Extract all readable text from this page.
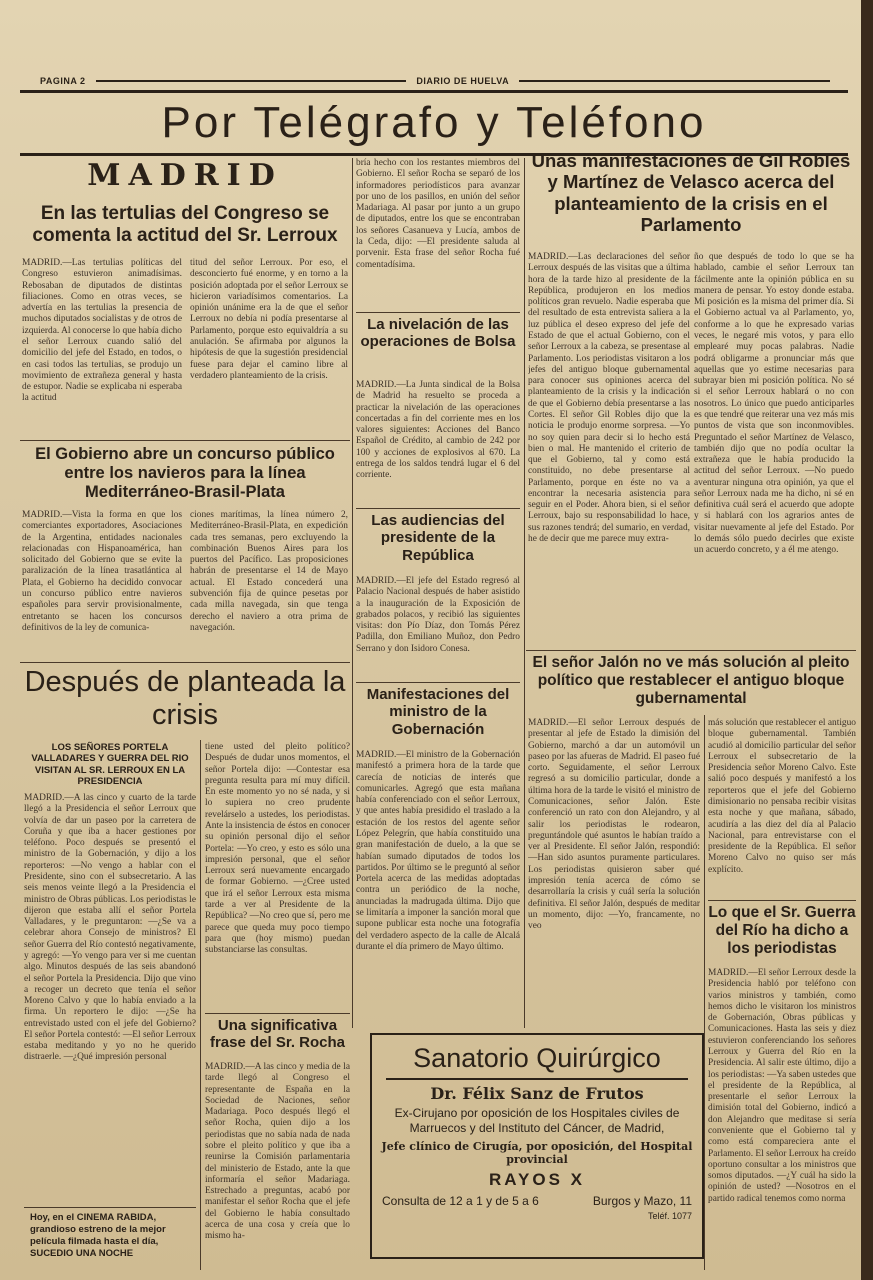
PAGINA 2	DIARIO DE HUELVA
Por Telégrafo y Teléfono
MADRID
En las tertulias del Congreso se comenta la actitud del Sr. Lerroux
MADRID.—Las tertulias políticas del Congreso estuvieron animadísimas. Rebosaban de diputados de distintas filiaciones. Como en otras veces, se advertía en las tertulias la presencia de muchos diputados socialistas y de otros de izquierda. Al conocerse lo que había dicho el señor Lerroux cuando salió del domicilio del jefe del Estado, en todos, o en casi todos las tertulias, se produjo un movimiento de extrañeza general y hasta de estupor. Nadie se explicaba ni esperaba la actitud
titud del señor Lerroux. Por eso, el desconcierto fué enorme, y en torno a la posición adoptada por el señor Lerroux se hicieron variadísimos comentarios. La opinión unánime era la de que el señor Lerroux no debía ni podía presentarse al Parlamento, porque esto equivaldría a su anulación. Se afirmaba por algunos la hipótesis de que la sugestión presidencial fuese para dejar el camino libre al verdadero planteamiento de la crisis.
El Gobierno abre un concurso público entre los navieros para la línea Mediterráneo-Brasil-Plata
MADRID.—Vista la forma en que los comerciantes exportadores, Asociaciones de la Argentina, entidades nacionales relacionadas con Hispanoamérica, han solicitado del Gobierno que se evite la paralización de la línea trasatlántica al Plata, el Gobierno ha decidido convocar un concurso público entre navieros españoles para servir provisionalmente, entretanto se hacen los concursos definitivos de la ley de comunica-
ciones marítimas, la línea número 2, Mediterráneo-Brasil-Plata, en expedición cada tres semanas, pero excluyendo la combinación Buenos Aires para los puertos del Pacífico. Las proposiciones habrán de presentarse el 14 de Mayo actual. El Estado concederá una subvención fija de quince pesetas por cada milla navegada, sin que tenga derecho el naviero a otra prima de navegación.
Después de planteada la crisis
LOS SEÑORES PORTELA VALLADARES Y GUERRA DEL RIO VISITAN AL SR. LERROUX EN LA PRESIDENCIA
MADRID.—A las cinco y cuarto de la tarde llegó a la Presidencia el señor Lerroux que volvía de dar un paseo por la carretera de Coruña y que iba a hacer gestiones por teléfono. Poco después se presentó el ministro de la Gobernación, y dijo a los reporteros: —No vengo a hablar con el Presidente, sino con el subsecretario. A las seis menos veinte llegó a la Presidencia el ministro de Obras públicas. Los periodistas le dijeron que estaba allí el señor Portela Valladares, y le preguntaron: —¿Se va a celebrar ahora Consejo de ministros? El señor Guerra del Río contestó negativamente, y agregó: —Yo vengo para ver si me cuentan algo. Minutos después de las seis abandonó el señor Portela la Presidencia. Dijo que vino a recoger un decreto que tenía el señor Moreno Calvo y que lo había enviado a la firma. Un reportero le dijo: —¿Se ha entrevistado usted con el jefe del Gobierno? El señor Portela contestó: —El señor Lerroux estaba meditando y yo no he querido distraerle. —¿Qué impresión personal
tiene usted del pleito político? Después de dudar unos momentos, el señor Portela dijo: —Contestar esa pregunta resulta para mí muy difícil. En este momento yo no sé nada, y si lo supiera no creo prudente revelárselo a ustedes, los periodistas. Ante la insistencia de éstos en conocer su opinión personal dijo el señor Portela: —Yo creo, y esto es sólo una impresión personal, que el señor Lerroux será nuevamente encargado de formar Gobierno. —¿Cree usted que irá el señor Lerroux esta misma tarde a ver al Presidente de la República? —No creo que sí, pero me parece que queda muy poco tiempo para que (hoy mismo) puedan substanciarse las consultas.
Hoy, en el CINEMA RABIDA, grandioso estreno de la mejor película filmada hasta el día, SUCEDIO UNA NOCHE
Una significativa frase del Sr. Rocha
MADRID.—A las cinco y media de la tarde llegó al Congreso el representante de España en la Sociedad de Naciones, señor Madariaga. Poco después llegó el señor Rocha, quien dijo a los periodistas que no sabía nada de nada sobre el pleito político y que iba a reunirse la Comisión parlamentaria del ministerio de Estado, ante la que informaría el señor Madariaga. Estrechado a preguntas, acabó por manifestar el señor Rocha que el jefe del Gobierno le había consultado acerca de una cosa y creía que lo mismo ha-
bría hecho con los restantes miembros del Gobierno. El señor Rocha se separó de los informadores periodísticos para avanzar por uno de los pasillos, en unión del señor Madariaga. Al pasar por junto a un grupo de diputados, entre los que se encontraban los señores Casanueva y Lucía, ambos de la Ceda, dijo: —El presidente saluda al porvenir. Esta frase del señor Rocha fué comentadísima.
La nivelación de las operaciones de Bolsa
MADRID.—La Junta sindical de la Bolsa de Madrid ha resuelto se proceda a practicar la nivelación de las operaciones concertadas a fin del corriente mes en los valores siguientes: Acciones del Banco Español de Crédito, al cambio de 242 por 100 y acciones de explosivos al 670. La entrega de los saldos tendrá lugar el 6 del corriente.
Las audiencias del presidente de la República
MADRID.—El jefe del Estado regresó al Palacio Nacional después de haber asistido a la inauguración de la Exposición de grabados polacos, y recibió las siguientes visitas: don Pío Díaz, don Tomás Pérez Padilla, don Emiliano Muñoz, don Pedro Serrano y don Isidoro Conesa.
Manifestaciones del ministro de la Gobernación
MADRID.—El ministro de la Gobernación manifestó a primera hora de la tarde que carecía de noticias de interés que comunicarles. Agregó que esta mañana había conferenciado con el señor Lerroux, y que antes había presidido el traslado a la estación de los restos del agente señor López Pelegrín, que había constituido una gran manifestación de duelo, a la que se habían sumado diputados de todos los partidos. Por último se le preguntó al señor Portela acerca de las medidas adoptadas contra un periódico de la noche, anunciadas la madrugada última. Dijo que se limitaría a imponer la sanción moral que supone publicar esta noche una fotografía del verdadero aspecto de la calle de Alcalá durante el día primero de Mayo último.
Unas manifestaciones de Gil Robles y Martínez de Velasco acerca del planteamiento de la crisis en el Parlamento
MADRID.—Las declaraciones del señor Lerroux después de las visitas que a última hora de la tarde hizo al presidente de la República, produjeron en los medios políticos gran revuelo. Nadie esperaba que del resultado de esta entrevista saliera a la luz pública el deseo expreso del jefe del Estado de que el actual Gobierno, con el señor Lerroux a la cabeza, se presentase al Parlamento. Los periodistas visitaron a los jefes del antiguo bloque gubernamental para conocer sus opiniones acerca del planteamiento de la crisis y la indicación de que el Gobierno debía presentarse a las Cortes. El señor Gil Robles dijo que la noticia le produjo enorme sorpresa. —Yo no soy quien para decir si lo hecho está bien o mal. He mantenido el criterio de que el Gobierno, tal y como está constituido, no debe presentarse al Parlamento, porque en éste no va a encontrar la necesaria asistencia para seguir en el Poder. Ahora bien, si el señor Lerroux, bajo su responsabilidad lo hace, sus razones tendrá; del sumario, en verdad, he de decir que me parece muy extra-
ño que después de todo lo que se ha hablado, cambie el señor Lerroux tan fácilmente ante la opinión pública en su manera de pensar. Yo estoy donde estaba. Mi posición es la misma del primer día. Si el Gobierno actual va al Parlamento, yo, conforme a lo que he expresado varias veces, le negaré mis votos, y para ello emplearé muy pocas palabras. Nadie podrá obligarme a pronunciar más que aquellas que yo estime necesarias para subrayar bien mi posición política. No sé si el señor Lerroux hablará o no con nosotros. Lo único que puedo anticiparles es que tendré que reiterar una vez más mis puntos de vista que son inconmovibles. Preguntado el señor Martínez de Velasco, también dijo que no podía ocultar la extrañeza que le había producido la actitud del señor Lerroux. —No puedo aventurar ninguna otra opinión, ya que el señor Lerroux nada me ha dicho, ni sé en definitiva cuál será el acuerdo que adopte y si hablará con los agrarios antes de visitar nuevamente al jefe del Estado. Por lo demás sólo puedo decirles que existe un acuerdo concreto, y a él me atengo.
El señor Jalón no ve más solución al pleito político que restablecer el antiguo bloque gubernamental
MADRID.—El señor Lerroux después de presentar al jefe de Estado la dimisión del Gobierno, marchó a dar un automóvil un paseo por las afueras de Madrid. El paseo fué corto. Seguidamente, el señor Lerroux regresó a su domicilio particular, donde a última hora de la tarde le visitó el ministro de Comunicaciones, señor Jalón. Este conferenció un rato con don Alejandro, y al salir los periodistas le rodearon, preguntándole qué asuntos le habían traído a ver al Presidente. El señor Jalón, respondió: —Han sido asuntos puramente particulares. Los periodistas quisieron saber qué impresión tenía acerca de cómo se desarrollaría la crisis y cuál sería la solución definitiva. El señor Jalón, después de meditar un momento, dijo: —Yo, francamente, no veo
más solución que restablecer el antiguo bloque gubernamental. También acudió al domicilio particular del señor Lerroux el subsecretario de la Presidencia señor Moreno Calvo. Este salió poco después y manifestó a los reporteros que el jefe del Gobierno dimisionario no pensaba recibir visitas esta noche y que mañana, sábado, acudiría a las diez del día al Palacio Nacional, para entrevistarse con el presidente de la República. El señor Moreno Calvo no quiso ser más explícito.
Lo que el Sr. Guerra del Río ha dicho a los periodistas
MADRID.—El señor Lerroux desde la Presidencia habló por teléfono con varios ministros y también, como hemos dicho le visitaron los ministros de Gobernación, Obras públicas y Comunicaciones. Hasta las seis y diez estuvieron conferenciando los señores Lerroux y Guerra del Río en la Presidencia. Al salir este último, dijo a los periodistas: —Ya saben ustedes que el presidente de la República, al presentarle el señor Lerroux la dimisión total del Gobierno, indicó a don Alejandro que meditase si sería conveniente que el Gobierno tal y como está compareciera ante el Parlamento. El señor Lerroux ha creído oportuno consultar a los ministros que somos diputados. —¿Y cuál ha sido la opinión de usted? —Nosotros en el partido radical tenemos como norma
Sanatorio Quirúrgico
Dr. Félix Sanz de Frutos
Ex-Cirujano por oposición de los Hospitales civiles de Marruecos y del Instituto del Cáncer, de Madrid,
Jefe clínico de Cirugía, por oposición, del Hospital provincial
RAYOS X
Consulta de 12 a 1 y de 5 a 6	Burgos y Mazo, 11
Teléf. 1077
